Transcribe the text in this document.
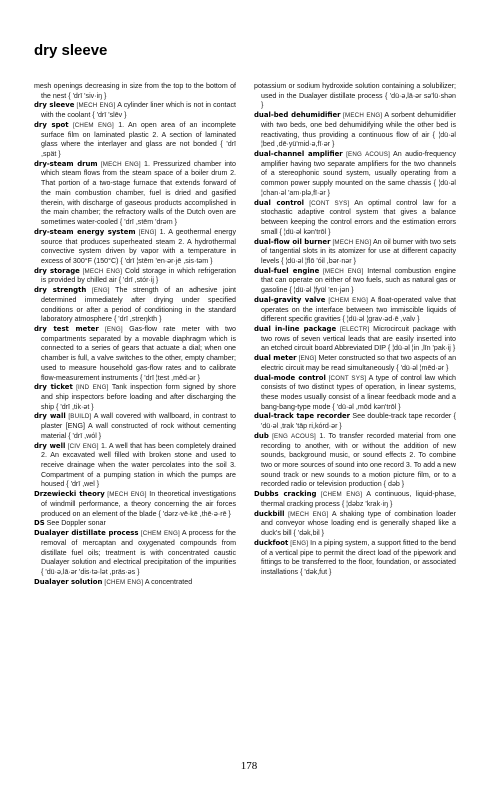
dry sleeve

mesh openings decreasing in size from the top to the bottom of the nest { 'drī 'siv·iŋ }

dry sleeve [MECH ENG] A cylinder liner which is not in contact with the coolant { 'drī 'slēv }

dry spot [CHEM ENG] 1. An open area of an incomplete surface film on laminated plastic 2. A section of laminated glass where the interlayer and glass are not bonded { 'drī ,spät }

dry-steam drum [MECH ENG] 1. Pressurized chamber into which steam flows from the steam space of a boiler drum 2. That portion of a two-stage furnace that extends forward of the main combustion chamber, fuel is dried and gasified therein, with discharge of gaseous products accomplished in the main chamber; the refractory walls of the Dutch oven are sometimes water-cooled { 'drī ,stēm 'drəm }

dry-steam energy system [ENG] 1. A geothermal energy source that produces superheated steam 2. A hydrothermal convective system driven by vapor with a temperature in excess of 300°F (150°C) { 'drī ¦stēm 'en·ər·jē ,sis·təm }

dry storage [MECH ENG] Cold storage in which refrigeration is provided by chilled air { 'drī ,stór·ij }

dry strength [ENG] The strength of an adhesive joint determined immediately after drying under specified conditions or after a period of conditioning in the standard laboratory atmosphere { 'drī ,streŋkth }

dry test meter [ENG] Gas-flow rate meter with two compartments separated by a movable diaphragm which is connected to a series of gears that actuate a dial; when one chamber is full, a valve switches to the other, empty chamber; used to measure household gas-flow rates and to calibrate flow-measurement instruments { 'drī ¦test ,mēd·ər }

dry ticket [IND ENG] Tank inspection form signed by shore and ship inspectors before loading and after discharging the ship { 'drī ,tik·ət }

dry wall [BUILD] A wall covered with wallboard, in contrast to plaster [ENG] A wall constructed of rock without cementing material { 'drī ,wól }

dry well [CIV ENG] 1. A well that has been completely drained 2. An excavated well filled with broken stone and used to receive drainage when the water percolates into the soil 3. Compartment of a pumping station in which the pumps are housed { 'drī ,wel }

Drzewiecki theory [MECH ENG] In theoretical investigations of windmill performance, a theory concerning the air forces produced on an element of the blade { 'dərz·vē·kē ,thē·ə·rē }

DS See Doppler sonar

Dualayer distillate process [CHEM ENG] A process for the removal of mercaptan and oxygenated compounds from distillate fuel oils; treatment is with concentrated caustic Dualayer solution and electrical precipitation of the impurities { 'dü·ə,lā·ər 'dis·tə·lət ,präs·əs }

Dualayer solution [CHEM ENG] A concentrated

potassium or sodium hydroxide solution containing a solubilizer; used in the Dualayer distillate process { 'dü·ə,lā·ər sə'lü·shən }

dual-bed dehumidifier [MECH ENG] A sorbent dehumidifier with two beds, one bed dehumidifying while the other bed is reactivating, thus providing a continuous flow of air { ¦dü·əl ¦bed ,dē·yü'mid·ə,fī·ər }

dual-channel amplifier [ENG ACOUS] An audio-frequency amplifier having two separate amplifiers for the two channels of a stereophonic sound system, usually operating from a common power supply mounted on the same chassis { ¦dü·əl ¦chan·əl 'am·plə,fī·ər }

dual control [CONT SYS] An optimal control law for a stochastic adaptive control system that gives a balance between keeping the control errors and the estimation errors small { ¦dü·əl kən'trōl }

dual-flow oil burner [MECH ENG] An oil burner with two sets of tangential slots in its atomizer for use at different capacity levels { ¦dü·əl ¦flō 'óil ,bər·nər }

dual-fuel engine [MECH ENG] Internal combustion engine that can operate on either of two fuels, such as natural gas or gasoline { ¦dü·əl ¦fyül 'en·jən }

dual-gravity valve [CHEM ENG] A float-operated valve that operates on the interface between two immiscible liquids of different specific gravities { ¦dü·əl ¦grav·əd·ē ,valv }

dual in-line package [ELECTR] Microcircuit package with two rows of seven vertical leads that are easily inserted into an etched circuit board Abbreviated DIP { ¦dü·əl ¦in ,līn 'pak·ij }

dual meter [ENG] Meter constructed so that two aspects of an electric circuit may be read simultaneously { 'dü·əl ¦mēd·ər }

dual-mode control [CONT SYS] A type of control law which consists of two distinct types of operation, in linear systems, these modes usually consist of a linear feedback mode and a bang-bang-type mode { 'dü·əl ,mōd kən'trōl }

dual-track tape recorder See double-track tape recorder { 'dü·əl ,trak 'tāp ri,kórd·ər }

dub [ENG ACOUS] 1. To transfer recorded material from one recording to another, with or without the addition of new sounds, background music, or sound effects 2. To combine two or more sources of sound into one record 3. To add a new sound track or new sounds to a motion picture film, or to a recorded radio or television production { dəb }

Dubbs cracking [CHEM ENG] A continuous, liquid-phase, thermal cracking process { ¦dəbz 'krak·iŋ }

duckbill [MECH ENG] A shaking type of combination loader and conveyor whose loading end is generally shaped like a duck's bill { 'dək,bil }

duckfoot [ENG] In a piping system, a support fitted to the bend of a vertical pipe to permit the direct load of the pipework and fittings to be transferred to the floor, foundation, or associated installations { 'dək,fut }

178
